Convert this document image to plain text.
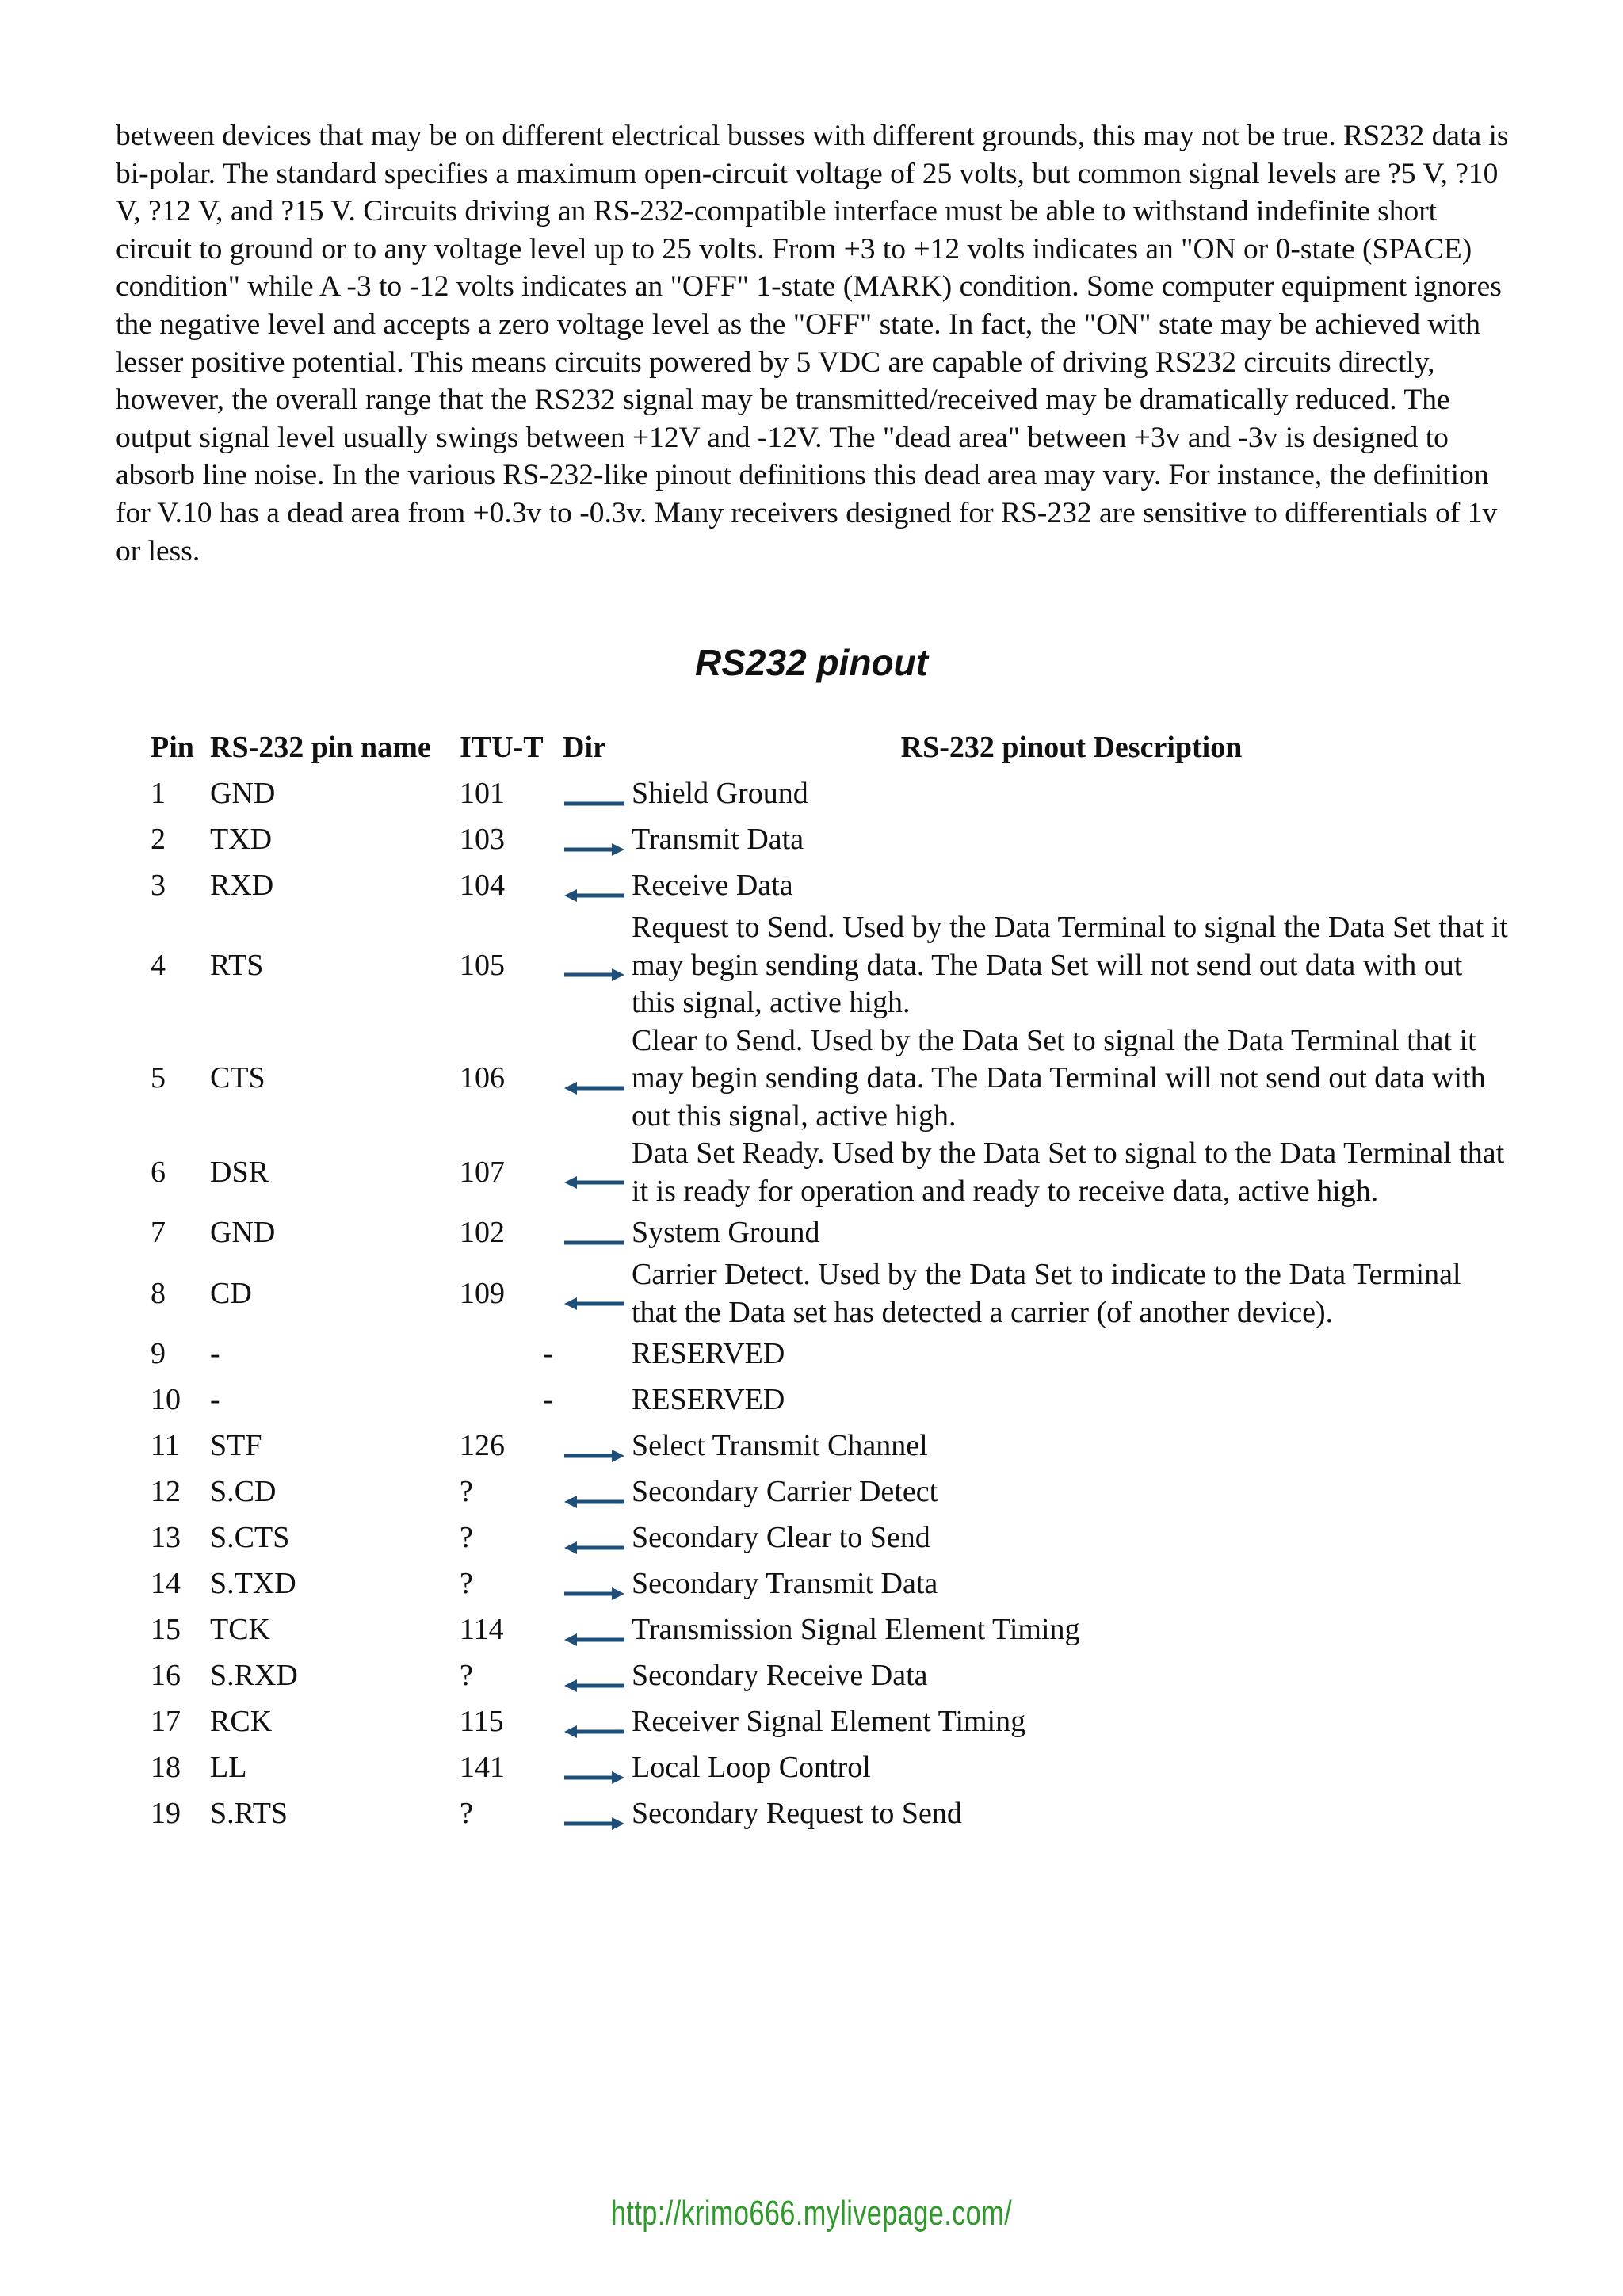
between devices that may be on different electrical busses with different grounds, this may not be true. RS232 data is bi-polar. The standard specifies a maximum open-circuit voltage of 25 volts, but common signal levels are ?5 V, ?10 V, ?12 V, and ?15 V. Circuits driving an RS-232-compatible interface must be able to withstand indefinite short circuit to ground or to any voltage level up to 25 volts. From +3 to +12 volts indicates an "ON or 0-state (SPACE) condition" while A -3 to -12 volts indicates an "OFF" 1-state (MARK) condition. Some computer equipment ignores the negative level and accepts a zero voltage level as the "OFF" state. In fact, the "ON" state may be achieved with lesser positive potential. This means circuits powered by 5 VDC are capable of driving RS232 circuits directly, however, the overall range that the RS232 signal may be transmitted/received may be dramatically reduced. The output signal level usually swings between +12V and -12V. The "dead area" between +3v and -3v is designed to absorb line noise. In the various RS-232-like pinout definitions this dead area may vary. For instance, the definition for V.10 has a dead area from +0.3v to -0.3v. Many receivers designed for RS-232 are sensitive to differentials of 1v or less.

RS232 pinout
Pin	RS-232 pin name	ITU-T	Dir	RS-232 pinout Description
1	GND	101		Shield Ground
2	TXD	103		Transmit Data
3	RXD	104		Receive Data
4	RTS	105		Request to Send. Used by the Data Terminal to signal the Data Set that it may begin sending data. The Data Set will not send out data with out this signal, active high.
5	CTS	106		Clear to Send. Used by the Data Set to signal the Data Terminal that it may begin sending data. The Data Terminal will not send out data with out this signal, active high.
6	DSR	107		Data Set Ready. Used by the Data Set to signal to the Data Terminal that it is ready for operation and ready to receive data, active high.
7	GND	102		System Ground
8	CD	109		Carrier Detect. Used by the Data Set to indicate to the Data Terminal that the Data set has detected a carrier (of another device).
9	-	-		RESERVED
10	-	-		RESERVED
11	STF	126		Select Transmit Channel
12	S.CD	?		Secondary Carrier Detect
13	S.CTS	?		Secondary Clear to Send
14	S.TXD	?		Secondary Transmit Data
15	TCK	114		Transmission Signal Element Timing
16	S.RXD	?		Secondary Receive Data
17	RCK	115		Receiver Signal Element Timing
18	LL	141		Local Loop Control
19	S.RTS	?		Secondary Request to Send
http://krimo666.mylivepage.com/
